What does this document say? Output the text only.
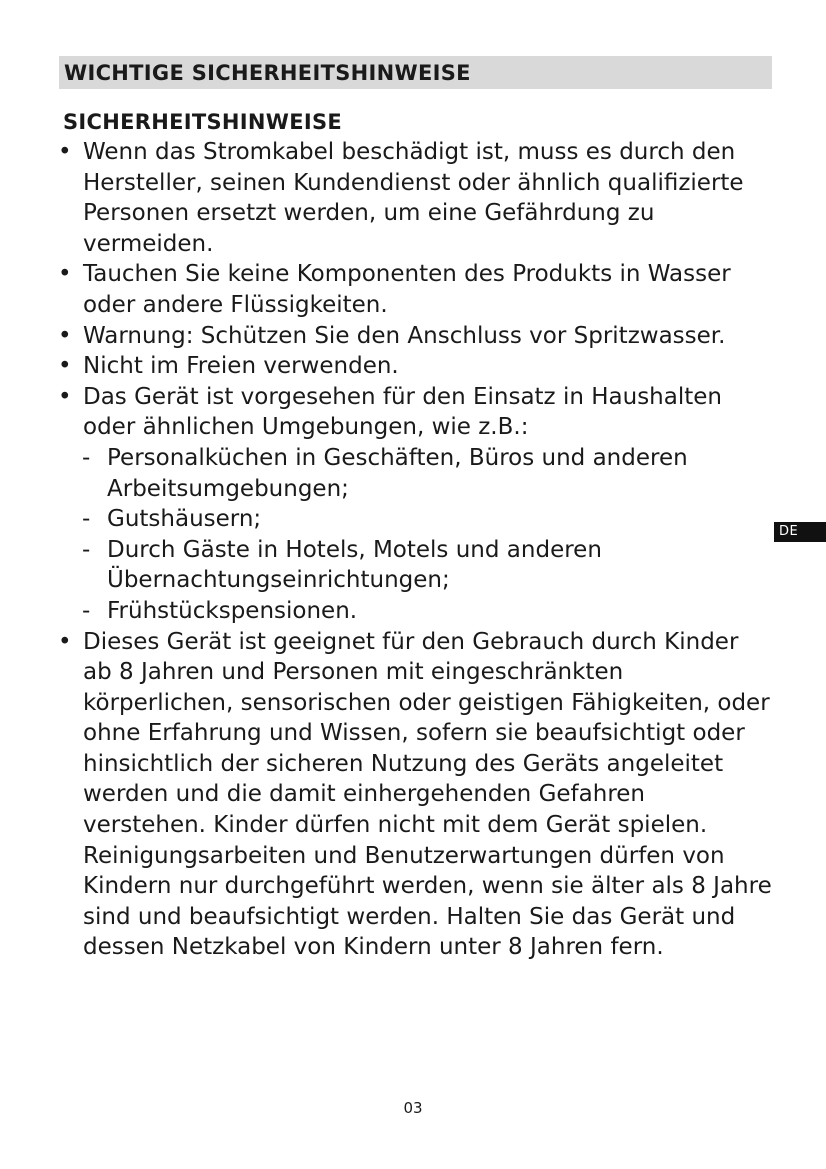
WICHTIGE SICHERHEITSHINWEISE
SICHERHEITSHINWEISE
• Wenn das Stromkabel beschädigt ist, muss es durch den Hersteller, seinen Kundendienst oder ähnlich qualifizierte Personen ersetzt werden, um eine Gefährdung zu vermeiden.
• Tauchen Sie keine Komponenten des Produkts in Wasser oder andere Flüssigkeiten.
• Warnung: Schützen Sie den Anschluss vor Spritzwasser.
• Nicht im Freien verwenden.
• Das Gerät ist vorgesehen für den Einsatz in Haushalten oder ähnlichen Umgebungen, wie z.B.:
- Personalküchen in Geschäften, Büros und anderen Arbeitsumgebungen;
- Gutshäusern;
- Durch Gäste in Hotels, Motels und anderen Übernachtungseinrichtungen;
- Frühstückspensionen.
• Dieses Gerät ist geeignet für den Gebrauch durch Kinder ab 8 Jahren und Personen mit eingeschränkten körperlichen, sensorischen oder geistigen Fähigkeiten, oder ohne Erfahrung und Wissen, sofern sie beaufsichtigt oder hinsichtlich der sicheren Nutzung des Geräts angeleitet werden und die damit einhergehenden Gefahren verstehen. Kinder dürfen nicht mit dem Gerät spielen. Reinigungsarbeiten und Benutzerwartungen dürfen von Kindern nur durchgeführt werden, wenn sie älter als 8 Jahre sind und beaufsichtigt werden. Halten Sie das Gerät und dessen Netzkabel von Kindern unter 8 Jahren fern.
DE
03
